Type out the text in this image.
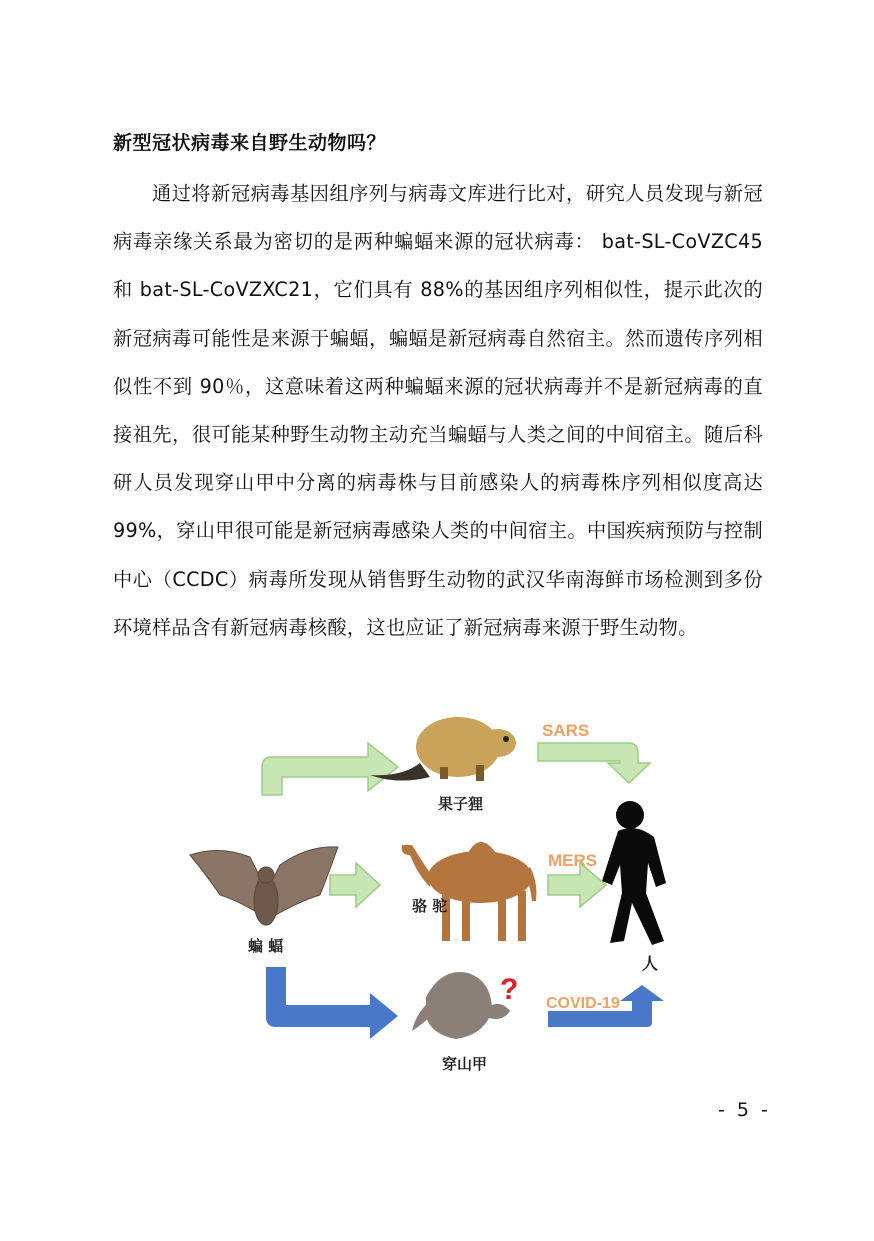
新型冠状病毒来自野生动物吗？

通过将新冠病毒基因组序列与病毒文库进行比对，研究人员发现与新冠病毒亲缘关系最为密切的是两种蝙蝠来源的冠状病毒： bat-SL-CoVZC45 和 bat-SL-CoVZXC21，它们具有 88%的基因组序列相似性，提示此次的新冠病毒可能性是来源于蝙蝠，蝙蝠是新冠病毒自然宿主。然而遗传序列相似性不到 90％，这意味着这两种蝙蝠来源的冠状病毒并不是新冠病毒的直接祖先，很可能某种野生动物主动充当蝙蝠与人类之间的中间宿主。随后科研人员发现穿山甲中分离的病毒株与目前感染人的病毒株序列相似度高达 99%，穿山甲很可能是新冠病毒感染人类的中间宿主。中国疾病预防与控制中心（CCDC）病毒所发现从销售野生动物的武汉华南海鲜市场检测到多份环境样品含有新冠病毒核酸，这也应证了新冠病毒来源于野生动物。

SARS
MERS
COVID-19
果子狸
骆 驼
蝙 蝠
穿山甲
人
?
- 5 -
